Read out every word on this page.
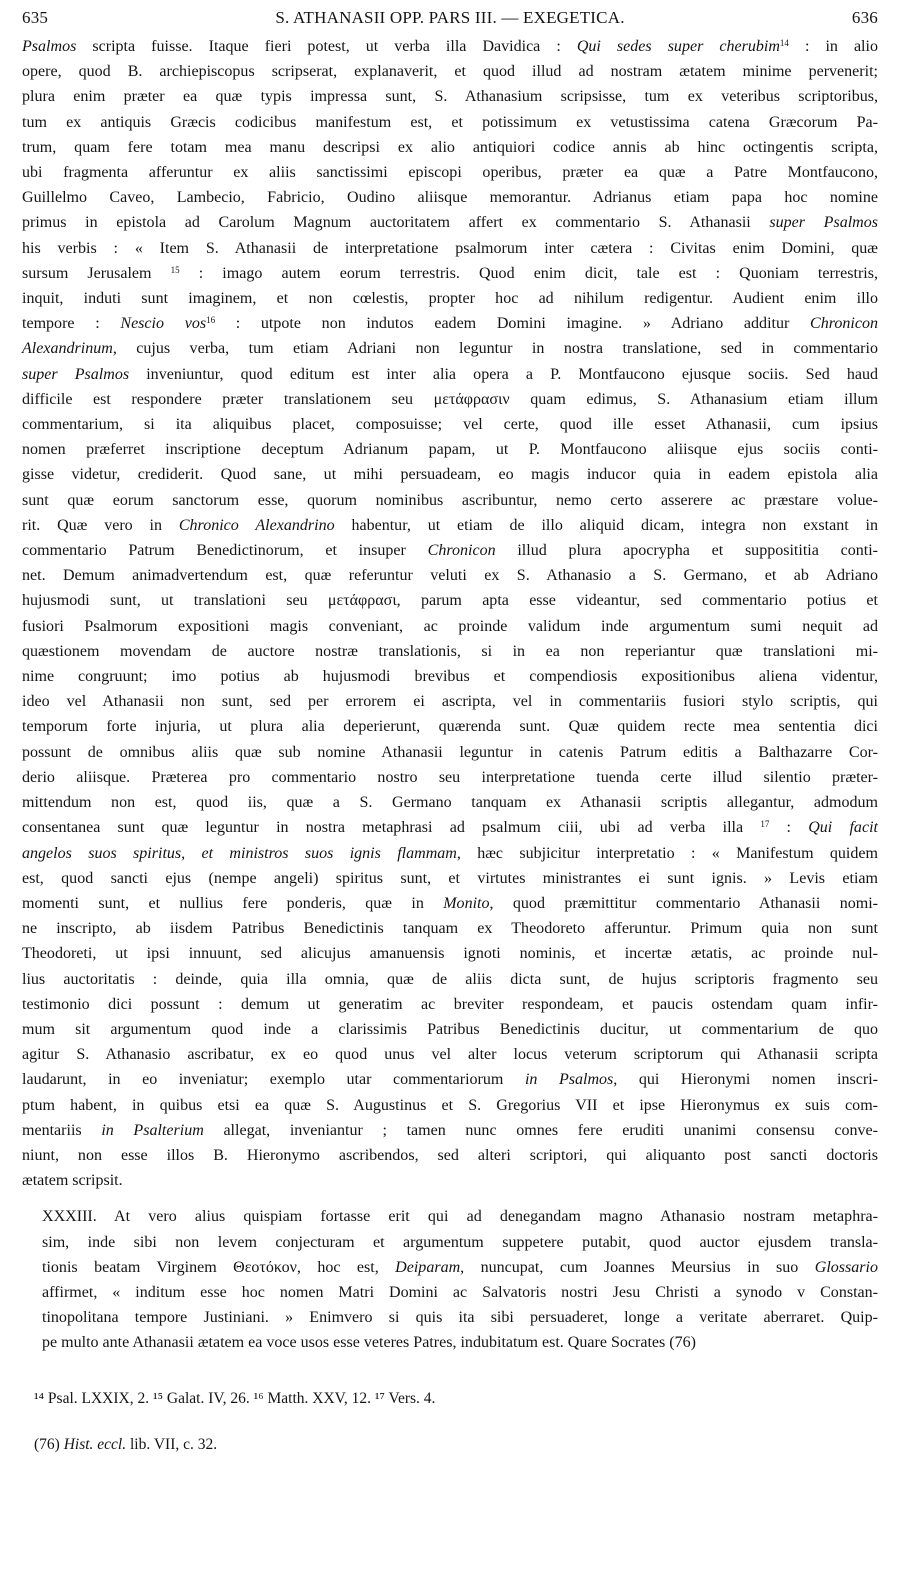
635	S. ATHANASII OPP. PARS III. — EXEGETICA.	636

Psalmos scripta fuisse. Itaque fieri potest, ut verba illa Davidica : Qui sedes super cherubim$^{14}$ : in alio
opere, quod B. archiepiscopus scripserat, explanaverit, et quod illud ad nostram ætatem minime pervenerit;
plura enim præter ea quæ typis impressa sunt, S. Athanasium scripsisse, tum ex veteribus scriptoribus,
tum ex antiquis Græcis codicibus manifestum est, et potissimum ex vetustissima catena Græcorum Pa-
trum, quam fere totam mea manu descripsi ex alio antiquiori codice annis ab hinc octingentis scripta,
ubi fragmenta afferuntur ex aliis sanctissimi episcopi operibus, præter ea quæ a Patre Montfaucono,
Guillelmo Caveo, Lambecio, Fabricio, Oudino aliisque memorantur. Adrianus etiam papa hoc nomine
primus in epistola ad Carolum Magnum auctoritatem affert ex commentario S. Athanasii super Psalmos
his verbis : « Item S. Athanasii de interpretatione psalmorum inter cætera : Civitas enim Domini, quæ
sursum Jerusalem $^{15}$ : imago autem eorum terrestris. Quod enim dicit, tale est : Quoniam terrestris,
inquit, induti sunt imaginem, et non cœlestis, propter hoc ad nihilum redigentur. Audient enim illo
tempore : Nescio vos$^{16}$ : utpote non indutos eadem Domini imagine. » Adriano additur Chronicon
Alexandrinum, cujus verba, tum etiam Adriani non leguntur in nostra translatione, sed in commentario
super Psalmos inveniuntur, quod editum est inter alia opera a P. Montfaucono ejusque sociis. Sed haud
difficile est respondere præter translationem seu μετάφρασιν quam edimus, S. Athanasium etiam illum
commentarium, si ita aliquibus placet, composuisse; vel certe, quod ille esset Athanasii, cum ipsius
nomen præferret inscriptione deceptum Adrianum papam, ut P. Montfaucono aliisque ejus sociis conti-
gisse videtur, crediderit. Quod sane, ut mihi persuadeam, eo magis inducor quia in eadem epistola alia
sunt quæ eorum sanctorum esse, quorum nominibus ascribuntur, nemo certo asserere ac præstare volue-
rit. Quæ vero in Chronico Alexandrino habentur, ut etiam de illo aliquid dicam, integra non exstant in
commentario Patrum Benedictinorum, et insuper Chronicon illud plura apocrypha et supposititia conti-
net. Demum animadvertendum est, quæ referuntur veluti ex S. Athanasio a S. Germano, et ab Adriano
hujusmodi sunt, ut translationi seu μετάφρασι, parum apta esse videantur, sed commentario potius et
fusiori Psalmorum expositioni magis conveniant, ac proinde validum inde argumentum sumi nequit ad
quæstionem movendam de auctore nostræ translationis, si in ea non reperiantur quæ translationi mi-
nime congruunt; imo potius ab hujusmodi brevibus et compendiosis expositionibus aliena videntur,
ideo vel Athanasii non sunt, sed per errorem ei ascripta, vel in commentariis fusiori stylo scriptis, qui
temporum forte injuria, ut plura alia deperierunt, quærenda sunt. Quæ quidem recte mea sententia dici
possunt de omnibus aliis quæ sub nomine Athanasii leguntur in catenis Patrum editis a Balthazarre Cor-
derio aliisque. Præterea pro commentario nostro seu interpretatione tuenda certe illud silentio præter-
mittendum non est, quod iis, quæ a S. Germano tanquam ex Athanasii scriptis allegantur, admodum
consentanea sunt quæ leguntur in nostra metaphrasi ad psalmum ciii, ubi ad verba illa $^{17}$ : Qui facit
angelos suos spiritus, et ministros suos ignis flammam, hæc subjicitur interpretatio : « Manifestum quidem
est, quod sancti ejus (nempe angeli) spiritus sunt, et virtutes ministrantes ei sunt ignis. » Levis etiam
momenti sunt, et nullius fere ponderis, quæ in Monito, quod præmittitur commentario Athanasii nomi-
ne inscripto, ab iisdem Patribus Benedictinis tanquam ex Theodoreto afferuntur. Primum quia non sunt
Theodoreti, ut ipsi innuunt, sed alicujus amanuensis ignoti nominis, et incertæ ætatis, ac proinde nul-
lius auctoritatis : deinde, quia illa omnia, quæ de aliis dicta sunt, de hujus scriptoris fragmento seu
testimonio dici possunt : demum ut generatim ac breviter respondeam, et paucis ostendam quam infir-
mum sit argumentum quod inde a clarissimis Patribus Benedictinis ducitur, ut commentarium de quo
agitur S. Athanasio ascribatur, ex eo quod unus vel alter locus veterum scriptorum qui Athanasii scripta
laudarunt, in eo inveniatur; exemplo utar commentariorum in Psalmos, qui Hieronymi nomen inscri-
ptum habent, in quibus etsi ea quæ S. Augustinus et S. Gregorius VII et ipse Hieronymus ex suis com-
mentariis in Psalterium allegat, inveniantur ; tamen nunc omnes fere eruditi unanimi consensu conve-
niunt, non esse illos B. Hieronymo ascribendos, sed alteri scriptori, qui aliquanto post sancti doctoris
ætatem scripsit.

XXXIII. At vero alius quispiam fortasse erit qui ad denegandam magno Athanasio nostram metaphra-
sim, inde sibi non levem conjecturam et argumentum suppetere putabit, quod auctor ejusdem transla-
tionis beatam Virginem Θεοτόκον, hoc est, Deiparam, nuncupat, cum Joannes Meursius in suo Glossario
affirmet, « inditum esse hoc nomen Matri Domini ac Salvatoris nostri Jesu Christi a synodo v Constan-
tinopolitana tempore Justiniani. » Enimvero si quis ita sibi persuaderet, longe a veritate aberraret. Quip-
pe multo ante Athanasii ætatem ea voce usos esse veteres Patres, indubitatum est. Quare Socrates (76)

¹⁴ Psal. LXXIX, 2. ¹⁵ Galat. IV, 26. ¹⁶ Matth. XXV, 12. ¹⁷ Vers. 4.

(76) Hist. eccl. lib. VII, c. 32.
